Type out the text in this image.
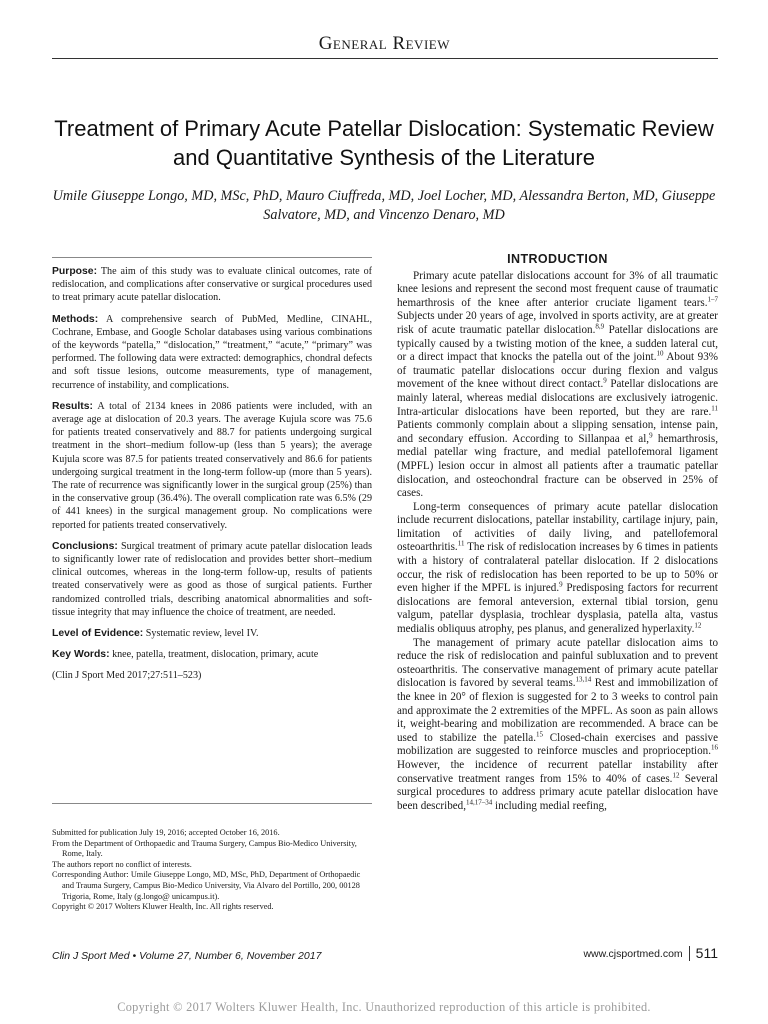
General Review
Treatment of Primary Acute Patellar Dislocation: Systematic Review and Quantitative Synthesis of the Literature
Umile Giuseppe Longo, MD, MSc, PhD, Mauro Ciuffreda, MD, Joel Locher, MD, Alessandra Berton, MD, Giuseppe Salvatore, MD, and Vincenzo Denaro, MD

Purpose: The aim of this study was to evaluate clinical outcomes, rate of redislocation, and complications after conservative or surgical procedures used to treat primary acute patellar dislocation.

Methods: A comprehensive search of PubMed, Medline, CINAHL, Cochrane, Embase, and Google Scholar databases using various combinations of the keywords “patella,” “dislocation,” “treatment,” “acute,” “primary” was performed. The following data were extracted: demographics, chondral defects and soft tissue lesions, outcome measurements, type of management, recurrence of instability, and complications.

Results: A total of 2134 knees in 2086 patients were included, with an average age at dislocation of 20.3 years. The average Kujula score was 75.6 for patients treated conservatively and 88.7 for patients undergoing surgical treatment in the short–medium follow-up (less than 5 years); the average Kujula score was 87.5 for patients treated conservatively and 86.6 for patients undergoing surgical treatment in the long-term follow-up (more than 5 years). The rate of recurrence was significantly lower in the surgical group (25%) than in the conservative group (36.4%). The overall complication rate was 6.5% (29 of 441 knees) in the surgical management group. No complications were reported for patients treated conservatively.

Conclusions: Surgical treatment of primary acute patellar dislocation leads to significantly lower rate of redislocation and provides better short–medium clinical outcomes, whereas in the long-term follow-up, results of patients treated conservatively were as good as those of surgical patients. Further randomized controlled trials, describing anatomical abnormalities and soft-tissue integrity that may influence the choice of treatment, are needed.

Level of Evidence: Systematic review, level IV.

Key Words: knee, patella, treatment, dislocation, primary, acute

(Clin J Sport Med 2017;27:511–523)

Submitted for publication July 19, 2016; accepted October 16, 2016.

From the Department of Orthopaedic and Trauma Surgery, Campus Bio-Medico University, Rome, Italy.

The authors report no conflict of interests.

Corresponding Author: Umile Giuseppe Longo, MD, MSc, PhD, Department of Orthopaedic and Trauma Surgery, Campus Bio-Medico University, Via Alvaro del Portillo, 200, 00128 Trigoria, Rome, Italy (g.longo@ unicampus.it).

Copyright © 2017 Wolters Kluwer Health, Inc. All rights reserved.

INTRODUCTION

Primary acute patellar dislocations account for 3% of all traumatic knee lesions and represent the second most frequent cause of traumatic hemarthrosis of the knee after anterior cruciate ligament tears.$^{1-7}$ Subjects under 20 years of age, involved in sports activity, are at greater risk of acute traumatic patellar dislocation.$^{8,9}$ Patellar dislocations are typically caused by a twisting motion of the knee, a sudden lateral cut, or a direct impact that knocks the patella out of the joint.$^{10}$ About 93% of traumatic patellar dislocations occur during flexion and valgus movement of the knee without direct contact.$^9$ Patellar dislocations are mainly lateral, whereas medial dislocations are exclusively iatrogenic. Intra-articular dislocations have been reported, but they are rare.$^{11}$ Patients commonly complain about a slipping sensation, intense pain, and secondary effusion. According to Sillanpaa et al,$^9$ hemarthrosis, medial patellar wing fracture, and medial patellofemoral ligament (MPFL) lesion occur in almost all patients after a traumatic patellar dislocation, and osteochondral fracture can be observed in 25% of cases.

Long-term consequences of primary acute patellar dislocation include recurrent dislocations, patellar instability, cartilage injury, pain, limitation of activities of daily living, and patellofemoral osteoarthritis.$^{11}$ The risk of redislocation increases by 6 times in patients with a history of contralateral patellar dislocation. If 2 dislocations occur, the risk of redislocation has been reported to be up to 50% or even higher if the MPFL is injured.$^9$ Predisposing factors for recurrent dislocations are femoral anteversion, external tibial torsion, genu valgum, patellar dysplasia, trochlear dysplasia, patella alta, vastus medialis obliquus atrophy, pes planus, and generalized hyperlaxity.$^{12}$

The management of primary acute patellar dislocation aims to reduce the risk of redislocation and painful subluxation and to prevent osteoarthritis. The conservative management of primary acute patellar dislocation is favored by several teams.$^{13,14}$ Rest and immobilization of the knee in 20° of flexion is suggested for 2 to 3 weeks to control pain and approximate the 2 extremities of the MPFL. As soon as pain allows it, weight-bearing and mobilization are recommended. A brace can be used to stabilize the patella.$^{15}$ Closed-chain exercises and passive mobilization are suggested to reinforce muscles and proprioception.$^{16}$ However, the incidence of recurrent patellar instability after conservative treatment ranges from 15% to 40% of cases.$^{12}$ Several surgical procedures to address primary acute patellar dislocation have been described,$^{14,17-34}$ including medial reefing,

Clin J Sport Med • Volume 27, Number 6, November 2017	www.cjsportmed.com 511
Copyright © 2017 Wolters Kluwer Health, Inc. Unauthorized reproduction of this article is prohibited.
